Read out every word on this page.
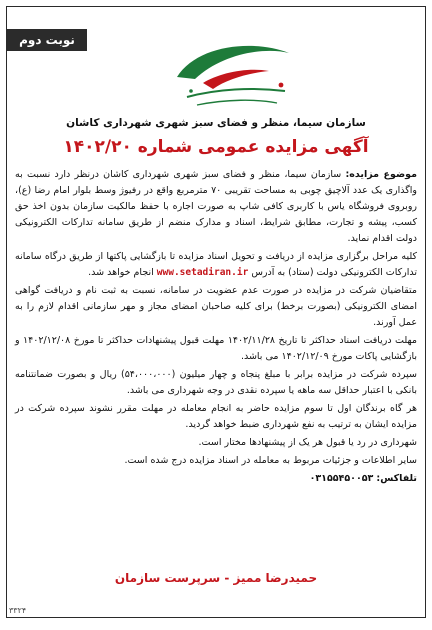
نوبت دوم
سازمان سیما، منظر و فضای سبز شهری شهرداری کاشان
آگهی مزایده عمومی شماره ۱۴۰۲/۲۰

موضوع مزایده: سازمان سیما، منظر و فضای سبز شهری شهرداری کاشان درنظر دارد نسبت به واگذاری یک عدد آلاچیق چوبی به مساحت تقریبی ۷۰ مترمربع واقع در رفیوژ وسط بلوار امام رضا (ع)، روبروی فروشگاه یاس با کاربری کافی شاپ به صورت اجاره با حفظ مالکیت سازمان بدون اخذ حق کسب، پیشه و تجارت، مطابق شرایط، اسناد و مدارک منضم از طریق سامانه تدارکات الکترونیکی دولت اقدام نماید.

کلیه مراحل برگزاری مزایده از دریافت و تحویل اسناد مزایده تا بازگشایی پاکتها از طریق درگاه سامانه تدارکات الکترونیکی دولت (ستاد) به آدرس www.setadiran.ir انجام خواهد شد.

متقاضیان شرکت در مزایده در صورت عدم عضویت در سامانه، نسبت به ثبت نام و دریافت گواهی امضای الکترونیکی (بصورت برخط) برای کلیه صاحبان امضای مجاز و مهر سازمانی اقدام لازم را به عمل آورند.

مهلت دریافت اسناد حداکثر تا تاریخ ۱۴۰۲/۱۱/۲۸ مهلت قبول پیشنهادات حداکثر تا مورخ ۱۴۰۲/۱۲/۰۸ و بازگشایی پاکات مورخ ۱۴۰۲/۱۲/۰۹ می باشد.

سپرده شرکت در مزایده برابر با مبلغ پنجاه و چهار میلیون (۵۴،۰۰۰،۰۰۰) ریال و بصورت ضمانتنامه بانکی با اعتبار حداقل سه ماهه یا سپرده نقدی در وجه شهرداری می باشد.

هر گاه برندگان اول تا سوم مزایده حاضر به انجام معامله در مهلت مقرر نشوند سپرده شرکت در مزایده ایشان به ترتیب به نفع شهرداری ضبط خواهد گردید.

شهرداری در رد یا قبول هر یک از پیشنهادها مختار است.

سایر اطلاعات و جزئیات مربوط به معامله در اسناد مزایده درج شده است.

تلفاکس: ۰۳۱۵۵۴۵۰۰۵۳

حمیدرضا ممیز - سرپرست سازمان
۳۳۲۴
